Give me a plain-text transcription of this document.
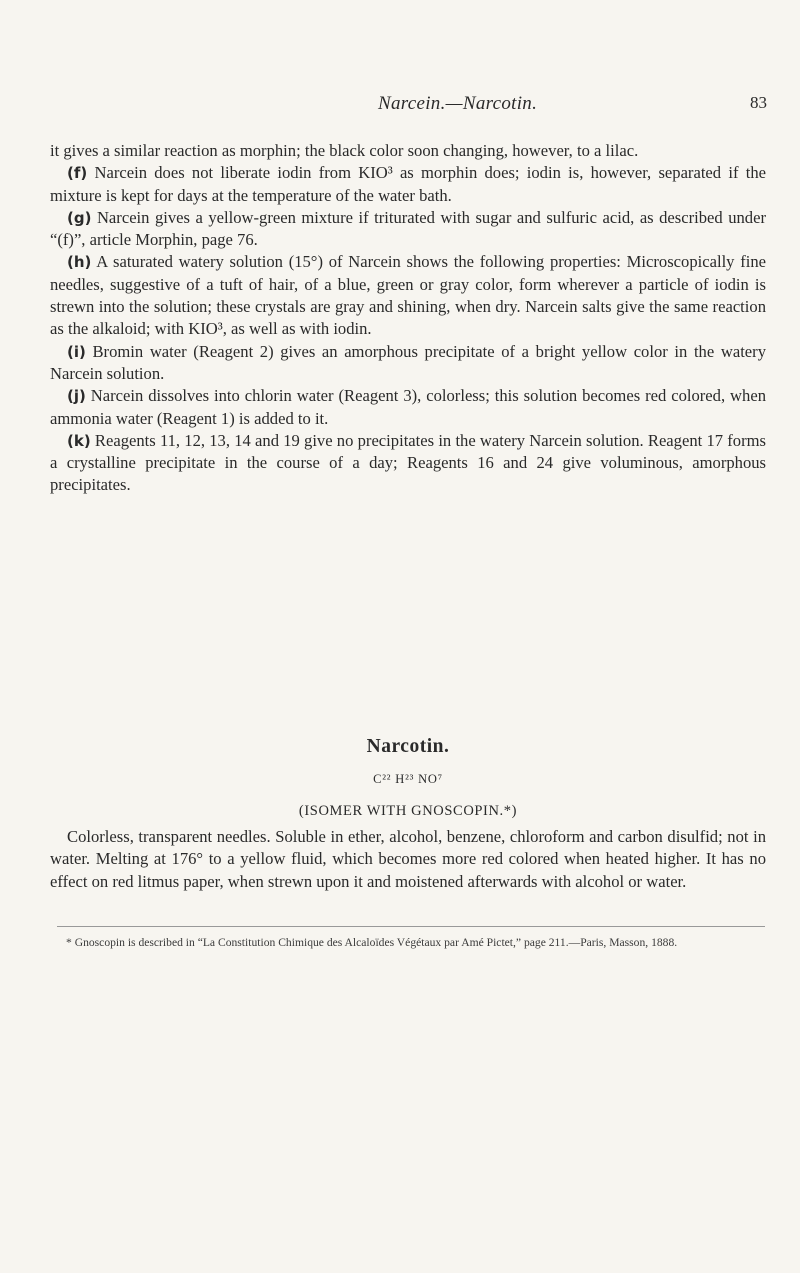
Narcein.—Narcotin.	83

it gives a similar reaction as morphin; the black color soon changing, however, to a lilac.

(f) Narcein does not liberate iodin from KIO³ as morphin does; iodin is, however, separated if the mixture is kept for days at the temperature of the water bath.

(g) Narcein gives a yellow-green mixture if triturated with sugar and sulfuric acid, as described under “(f)”, article Morphin, page 76.

(h) A saturated watery solution (15°) of Narcein shows the following properties: Microscopically fine needles, suggestive of a tuft of hair, of a blue, green or gray color, form wherever a particle of iodin is strewn into the solution; these crystals are gray and shining, when dry. Narcein salts give the same reaction as the alkaloid; with KIO³, as well as with iodin.

(i) Bromin water (Reagent 2) gives an amorphous precipitate of a bright yellow color in the watery Narcein solution.

(j) Narcein dissolves into chlorin water (Reagent 3), colorless; this solution becomes red colored, when ammonia water (Reagent 1) is added to it.

(k) Reagents 11, 12, 13, 14 and 19 give no precipitates in the watery Narcein solution. Reagent 17 forms a crystalline precipitate in the course of a day; Reagents 16 and 24 give voluminous, amorphous precipitates.

Narcotin.

C²² H²³ NO⁷
(ISOMER WITH GNOSCOPIN.*)

Colorless, transparent needles. Soluble in ether, alcohol, benzene, chloroform and carbon disulfid; not in water. Melting at 176° to a yellow fluid, which becomes more red colored when heated higher. It has no effect on red litmus paper, when strewn upon it and moistened afterwards with alcohol or water.

* Gnoscopin is described in “La Constitution Chimique des Alcaloïdes Végétaux par Amé Pictet,” page 211.—Paris, Masson, 1888.
